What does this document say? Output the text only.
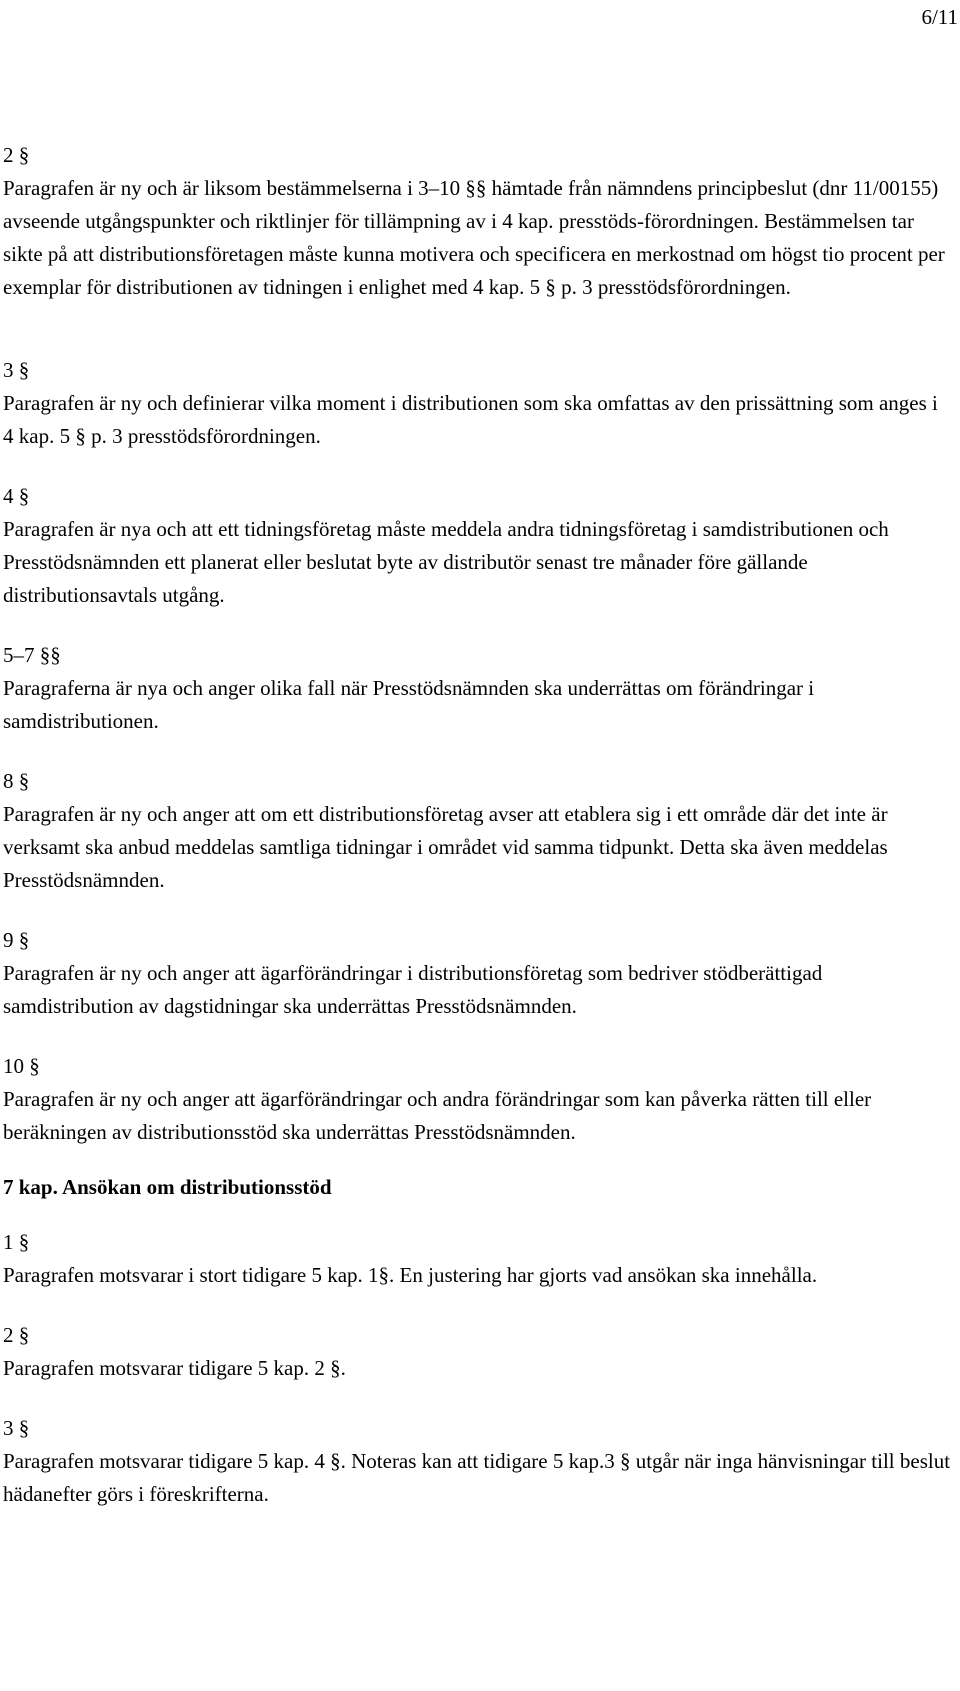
6/11
2 §
Paragrafen är ny och är liksom bestämmelserna i 3–10 §§ hämtade från nämndens principbeslut (dnr 11/00155) avseende utgångspunkter och riktlinjer för tillämpning av i 4 kap. presstöds-förordningen. Bestämmelsen tar sikte på att distributionsföretagen måste kunna motivera och specificera en merkostnad om högst tio procent per exemplar för distributionen av tidningen i enlighet med 4 kap. 5 § p. 3 presstödsförordningen.
3 §
Paragrafen är ny och definierar vilka moment i distributionen som ska omfattas av den prissättning som anges i 4 kap. 5 § p. 3 presstödsförordningen.
4 §
Paragrafen är nya och att ett tidningsföretag måste meddela andra tidningsföretag i samdistributionen och Presstödsnämnden ett planerat eller beslutat byte av distributör senast tre månader före gällande distributionsavtals utgång.
5–7 §§
Paragraferna är nya och anger olika fall när Presstödsnämnden ska underrättas om förändringar i samdistributionen.
8 §
Paragrafen är ny och anger att om ett distributionsföretag avser att etablera sig i ett område där det inte är verksamt ska anbud meddelas samtliga tidningar i området vid samma tidpunkt. Detta ska även meddelas Presstödsnämnden.
9 §
Paragrafen är ny och anger att ägarförändringar i distributionsföretag som bedriver stödberättigad samdistribution av dagstidningar ska underrättas Presstödsnämnden.
10 §
Paragrafen är ny och anger att ägarförändringar och andra förändringar som kan påverka rätten till eller beräkningen av distributionsstöd ska underrättas Presstödsnämnden.
7 kap. Ansökan om distributionsstöd
1 §
Paragrafen motsvarar i stort tidigare 5 kap. 1§. En justering har gjorts vad ansökan ska innehålla.
2 §
Paragrafen motsvarar tidigare 5 kap. 2 §.
3 §
Paragrafen motsvarar tidigare 5 kap. 4 §. Noteras kan att tidigare 5 kap.3 § utgår när inga hänvisningar till beslut hädanefter görs i föreskrifterna.
